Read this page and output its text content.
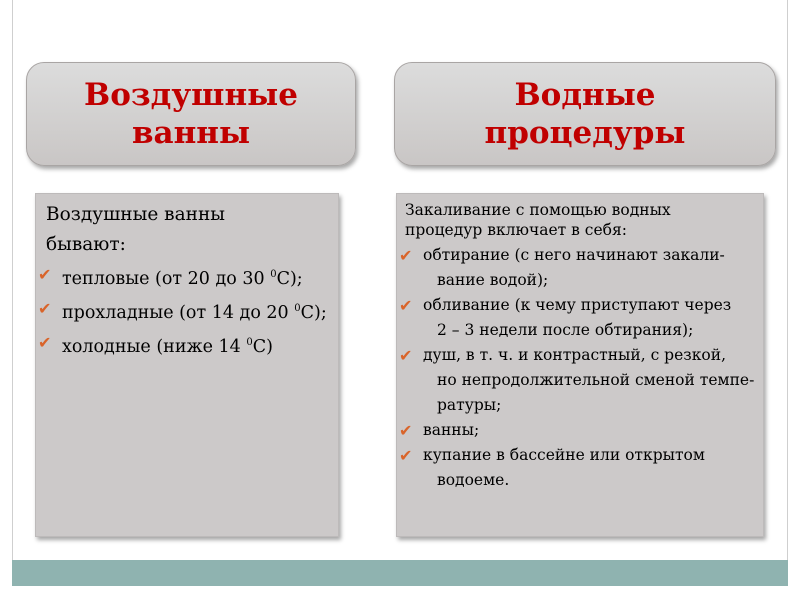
Воздушные
ванны
Водные
процедуры

Воздушные ванны
бывают:

✔ тепловые (от 20 до 30 $^0$С);
✔ прохладные (от 14 до 20 $^0$С);
✔ холодные (ниже 14 $^0$С)

Закаливание с помощью водных
процедур включает в себя:

✔ обтирание (с него начинают закали-
вание водой);
✔ обливание (к чему приступают через
2 – 3 недели после обтирания);
✔ душ, в т. ч. и контрастный, с резкой,
но непродолжительной сменой темпе-
ратуры;
✔ ванны;
✔ купание в бассейне или открытом
водоеме.
